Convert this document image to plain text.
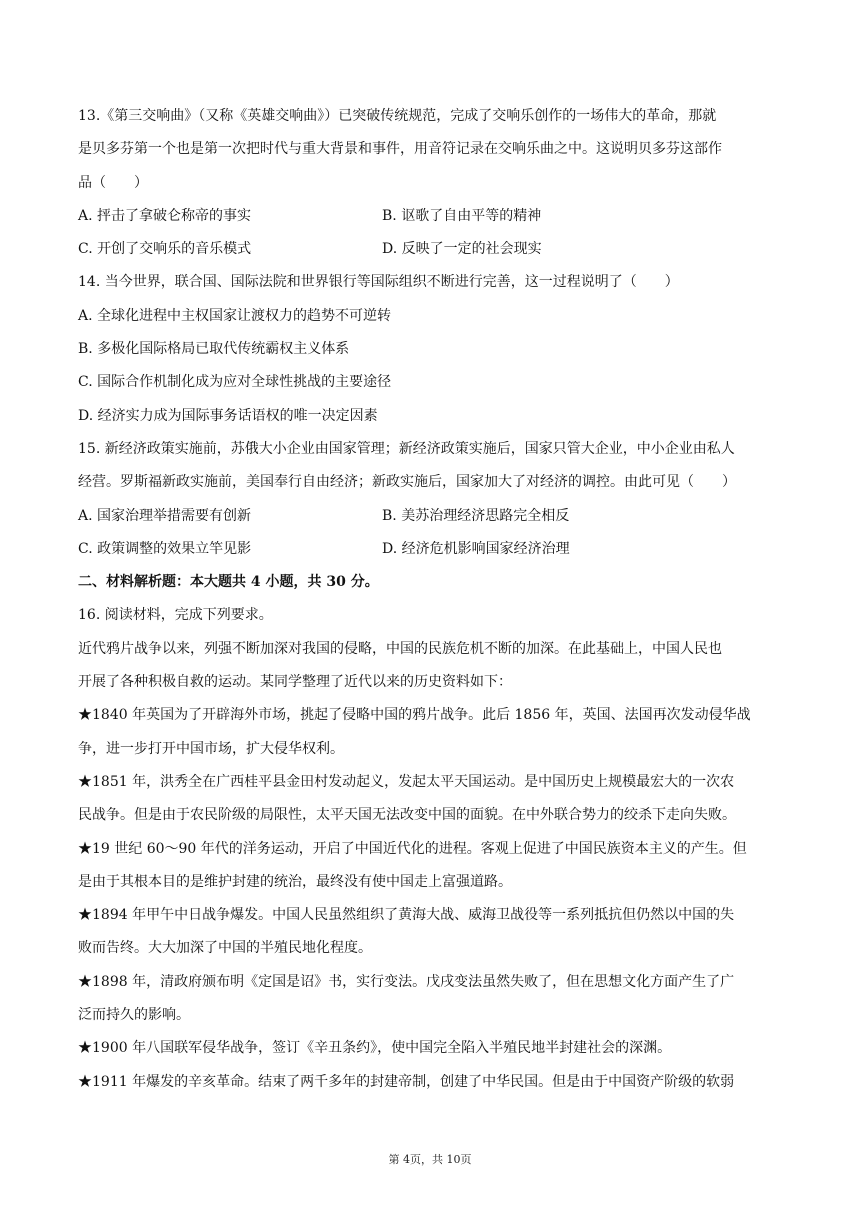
13.《第三交响曲》（又称《英雄交响曲》）已突破传统规范，完成了交响乐创作的一场伟大的革命，那就
是贝多芬第一个也是第一次把时代与重大背景和事件，用音符记录在交响乐曲之中。这说明贝多芬这部作
品（　　）
A. 抨击了拿破仑称帝的事实	B. 讴歌了自由平等的精神
C. 开创了交响乐的音乐模式	D. 反映了一定的社会现实
14. 当今世界，联合国、国际法院和世界银行等国际组织不断进行完善，这一过程说明了（　　）
A. 全球化进程中主权国家让渡权力的趋势不可逆转
B. 多极化国际格局已取代传统霸权主义体系
C. 国际合作机制化成为应对全球性挑战的主要途径
D. 经济实力成为国际事务话语权的唯一决定因素
15. 新经济政策实施前，苏俄大小企业由国家管理；新经济政策实施后，国家只管大企业，中小企业由私人
经营。罗斯福新政实施前，美国奉行自由经济；新政实施后，国家加大了对经济的调控。由此可见（　　）
A. 国家治理举措需要有创新	B. 美苏治理经济思路完全相反
C. 政策调整的效果立竿见影	D. 经济危机影响国家经济治理
二、材料解析题：本大题共 4 小题，共 30 分。
16. 阅读材料，完成下列要求。
近代鸦片战争以来，列强不断加深对我国的侵略，中国的民族危机不断的加深。在此基础上，中国人民也
开展了各种积极自救的运动。某同学整理了近代以来的历史资料如下：
★1840 年英国为了开辟海外市场，挑起了侵略中国的鸦片战争。此后 1856 年，英国、法国再次发动侵华战
争，进一步打开中国市场，扩大侵华权利。
★1851 年，洪秀全在广西桂平县金田村发动起义，发起太平天国运动。是中国历史上规模最宏大的一次农
民战争。但是由于农民阶级的局限性，太平天国无法改变中国的面貌。在中外联合势力的绞杀下走向失败。
★19 世纪 60～90 年代的洋务运动，开启了中国近代化的进程。客观上促进了中国民族资本主义的产生。但
是由于其根本目的是维护封建的统治，最终没有使中国走上富强道路。
★1894 年甲午中日战争爆发。中国人民虽然组织了黄海大战、威海卫战役等一系列抵抗但仍然以中国的失
败而告终。大大加深了中国的半殖民地化程度。
★1898 年，清政府颁布明《定国是诏》书，实行变法。戊戌变法虽然失败了，但在思想文化方面产生了广
泛而持久的影响。
★1900 年八国联军侵华战争，签订《辛丑条约》，使中国完全陷入半殖民地半封建社会的深渊。
★1911 年爆发的辛亥革命。结束了两千多年的封建帝制，创建了中华民国。但是由于中国资产阶级的软弱
第 4页，共 10页
